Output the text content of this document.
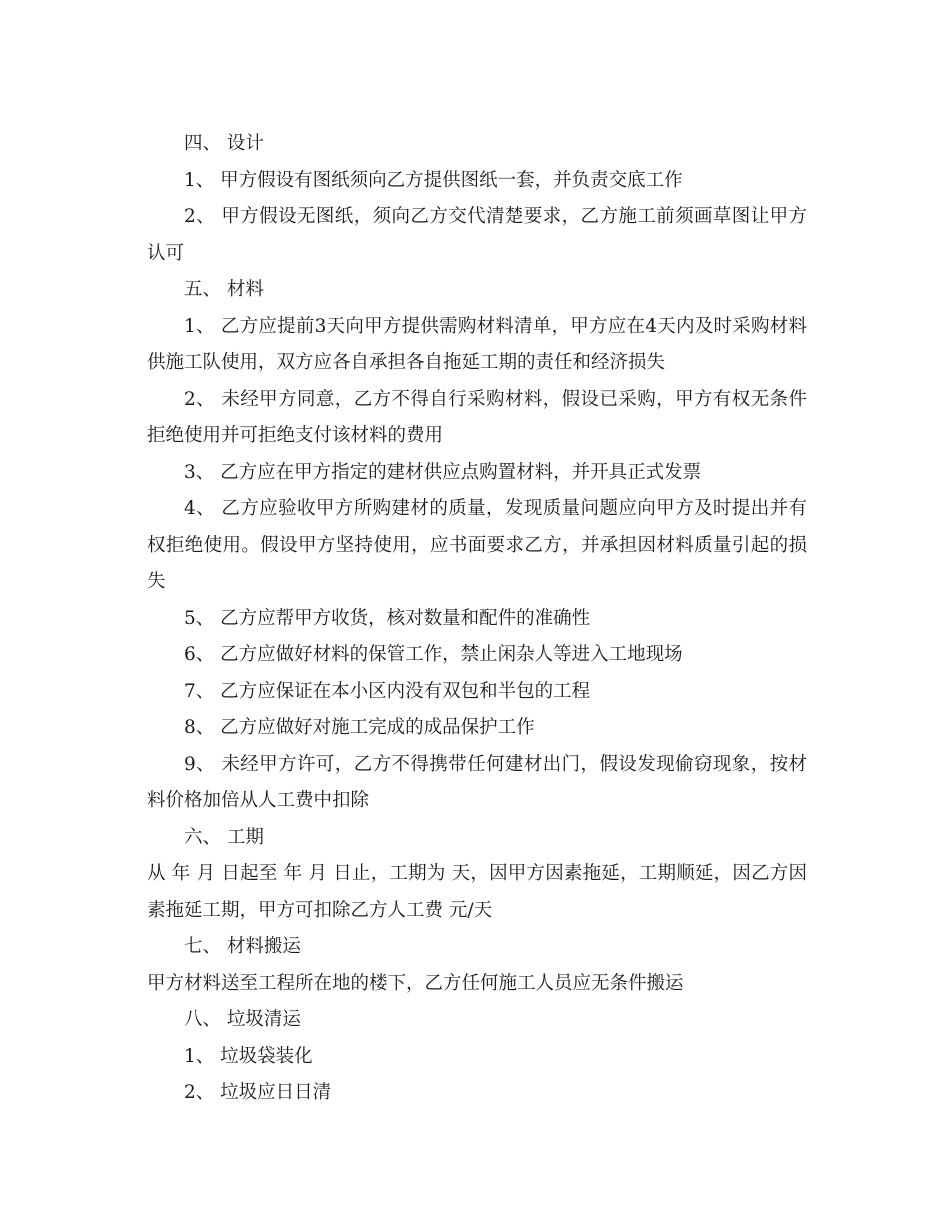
四、 设计

1、 甲方假设有图纸须向乙方提供图纸一套，并负责交底工作

2、 甲方假设无图纸，须向乙方交代清楚要求，乙方施工前须画草图让甲方认可

五、 材料

1、 乙方应提前3天向甲方提供需购材料清单，甲方应在4天内及时采购材料供施工队使用，双方应各自承担各自拖延工期的责任和经济损失

2、 未经甲方同意，乙方不得自行采购材料，假设已采购，甲方有权无条件拒绝使用并可拒绝支付该材料的费用

3、 乙方应在甲方指定的建材供应点购置材料，并开具正式发票

4、 乙方应验收甲方所购建材的质量，发现质量问题应向甲方及时提出并有权拒绝使用。假设甲方坚持使用，应书面要求乙方，并承担因材料质量引起的损失

5、 乙方应帮甲方收货，核对数量和配件的准确性

6、 乙方应做好材料的保管工作，禁止闲杂人等进入工地现场

7、 乙方应保证在本小区内没有双包和半包的工程

8、 乙方应做好对施工完成的成品保护工作

9、 未经甲方许可，乙方不得携带任何建材出门，假设发现偷窃现象，按材料价格加倍从人工费中扣除

六、 工期

从 年 月 日起至 年 月 日止，工期为 天，因甲方因素拖延，工期顺延，因乙方因素拖延工期，甲方可扣除乙方人工费 元/天

七、 材料搬运

甲方材料送至工程所在地的楼下，乙方任何施工人员应无条件搬运

八、 垃圾清运

1、 垃圾袋装化

2、 垃圾应日日清
